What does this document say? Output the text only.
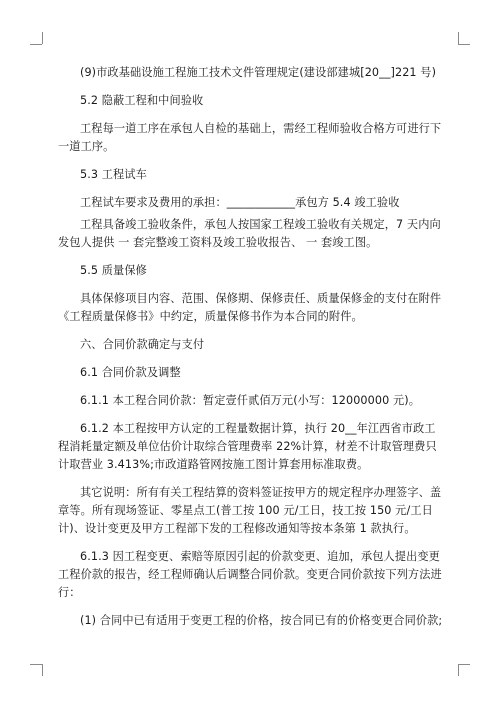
(9)市政基础设施工程施工技术文件管理规定(建设部建城[20__]221 号)

5.2 隐蔽工程和中间验收

工程每一道工序在承包人自检的基础上，需经工程师验收合格方可进行下一道工序。

5.3 工程试车

工程试车要求及费用的承担：____________承包方 5.4 竣工验收

工程具备竣工验收条件，承包人按国家工程竣工验收有关规定，7 天内向发包人提供 一 套完整竣工资料及竣工验收报告、 一 套竣工图。

5.5 质量保修

具体保修项目内容、范围、保修期、保修责任、质量保修金的支付在附件《工程质量保修书》中约定，质量保修书作为本合同的附件。

六、合同价款确定与支付

6.1 合同价款及调整

6.1.1 本工程合同价款：暂定壹仟贰佰万元(小写：12000000 元)。

6.1.2 本工程按甲方认定的工程量数据计算，执行 20__年江西省市政工程消耗量定额及单位估价计取综合管理费率 22%计算，材差不计取管理费只计取营业 3.413%;市政道路管网按施工图计算套用标准取费。

其它说明：所有有关工程结算的资料签证按甲方的规定程序办理签字、盖章等。所有现场签证、零星点工(普工按 100 元/工日，技工按 150 元/工日计)、设计变更及甲方工程部下发的工程修改通知等按本条第 1 款执行。

6.1.3 因工程变更、索赔等原因引起的价款变更、追加，承包人提出变更工程价款的报告，经工程师确认后调整合同价款。变更合同价款按下列方法进行：

(1) 合同中已有适用于变更工程的价格，按合同已有的价格变更合同价款;
